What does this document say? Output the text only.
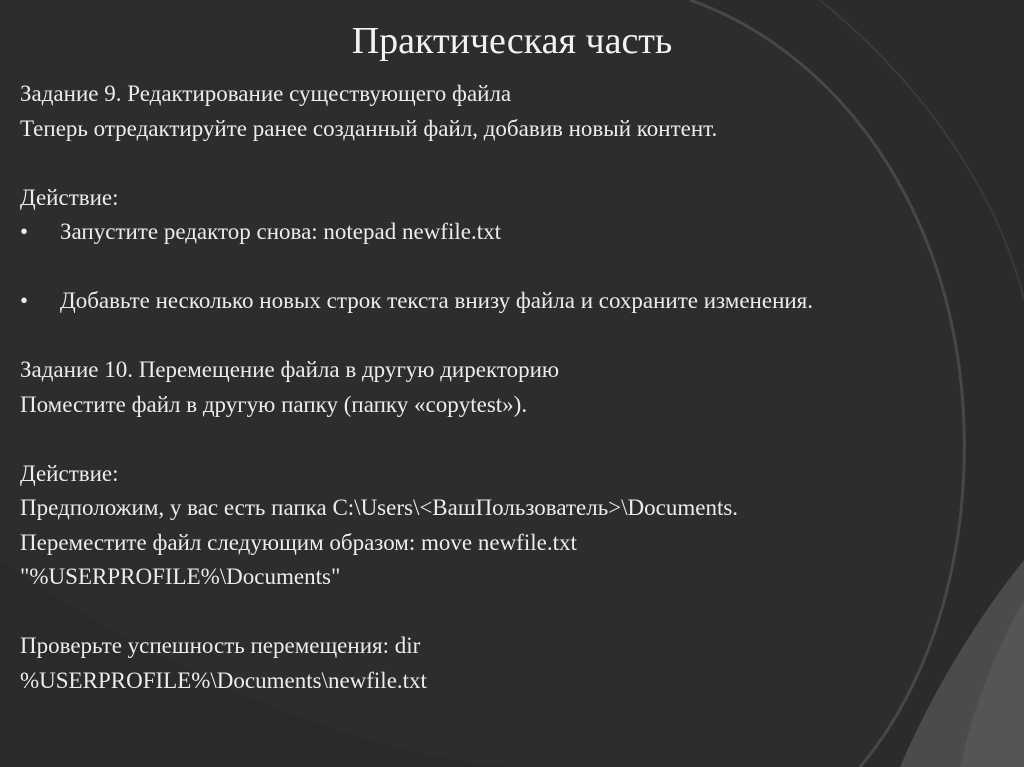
Практическая часть
Задание 9. Редактирование существующего файла
Теперь отредактируйте ранее созданный файл, добавив новый контент.
Действие:
• Запустите редактор снова: notepad newfile.txt
• Добавьте несколько новых строк текста внизу файла и сохраните изменения.
Задание 10. Перемещение файла в другую директорию
Поместите файл в другую папку (папку «copytest»).
Действие:
Предположим, у вас есть папка C:\Users\<ВашПользователь>\Documents.
Переместите файл следующим образом: move newfile.txt
"%USERPROFILE%\Documents"
Проверьте успешность перемещения: dir
%USERPROFILE%\Documents\newfile.txt
